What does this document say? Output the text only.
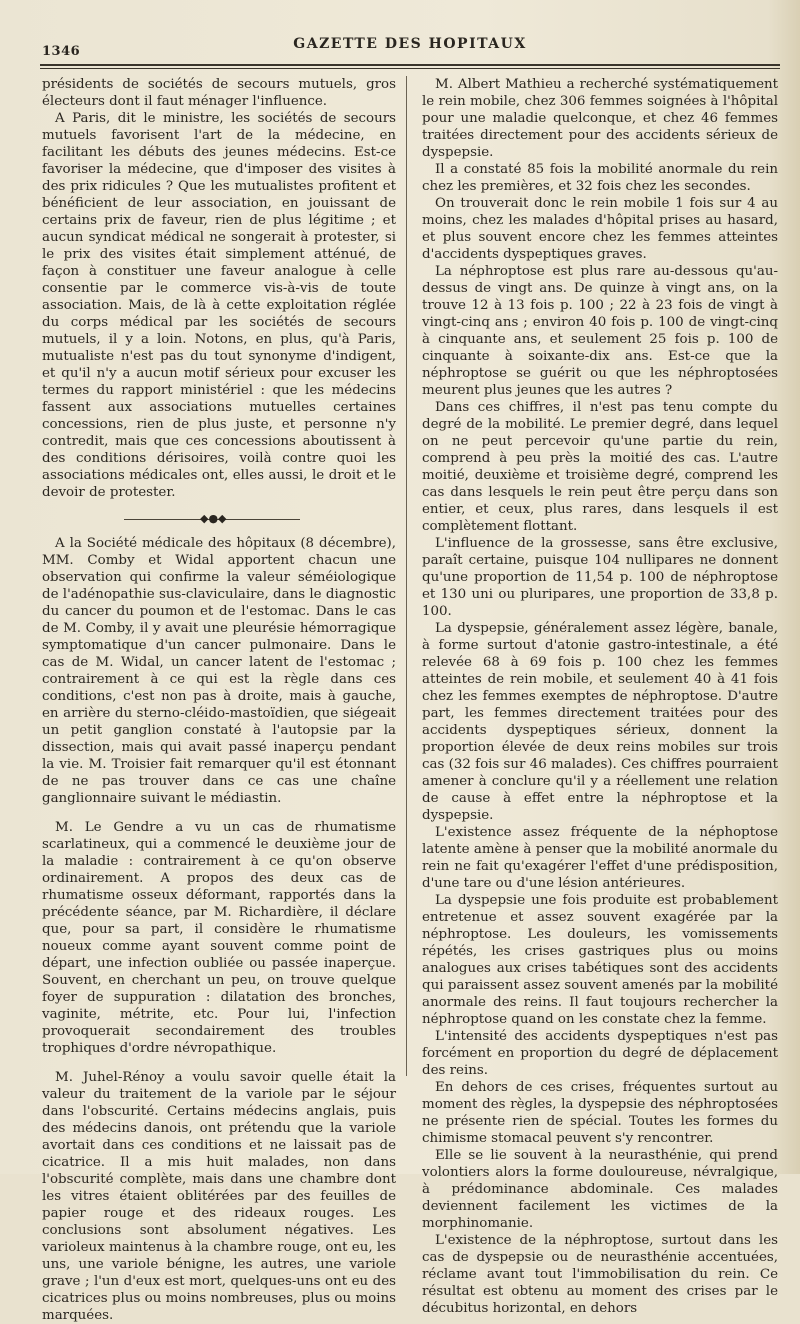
1346	GAZETTE DES HOPITAUX

présidents de sociétés de secours mutuels, gros électeurs dont il faut ménager l'influence.

A Paris, dit le ministre, les sociétés de secours mutuels favorisent l'art de la médecine, en facilitant les débuts des jeunes médecins. Est-ce favoriser la médecine, que d'imposer des visites à des prix ridicules ? Que les mutualistes profitent et bénéficient de leur association, en jouissant de certains prix de faveur, rien de plus légitime ; et aucun syndicat médical ne songerait à protester, si le prix des visites était simplement atténué, de façon à constituer une faveur analogue à celle consentie par le commerce vis-à-vis de toute association. Mais, de là à cette exploitation réglée du corps médical par les sociétés de secours mutuels, il y a loin. Notons, en plus, qu'à Paris, mutualiste n'est pas du tout synonyme d'indigent, et qu'il n'y a aucun motif sérieux pour excuser les termes du rapport ministériel : que les médecins fassent aux associations mutuelles certaines concessions, rien de plus juste, et personne n'y contredit, mais que ces concessions aboutissent à des conditions dérisoires, voilà contre quoi les associations médicales ont, elles aussi, le droit et le devoir de protester.

◆●◆

A la Société médicale des hôpitaux (8 décembre), MM. Comby et Widal apportent chacun une observation qui confirme la valeur séméiologique de l'adénopathie sus-claviculaire, dans le diagnostic du cancer du poumon et de l'estomac. Dans le cas de M. Comby, il y avait une pleurésie hémorragique symptomatique d'un cancer pulmonaire. Dans le cas de M. Widal, un cancer latent de l'estomac ; contrairement à ce qui est la règle dans ces conditions, c'est non pas à droite, mais à gauche, en arrière du sterno-cléido-mastoïdien, que siégeait un petit ganglion constaté à l'autopsie par la dissection, mais qui avait passé inaperçu pendant la vie. M. Troisier fait remarquer qu'il est étonnant de ne pas trouver dans ce cas une chaîne ganglionnaire suivant le médiastin.

M. Le Gendre a vu un cas de rhumatisme scarlatineux, qui a commencé le deuxième jour de la maladie : contrairement à ce qu'on observe ordinairement. A propos des deux cas de rhumatisme osseux déformant, rapportés dans la précédente séance, par M. Richardière, il déclare que, pour sa part, il considère le rhumatisme noueux comme ayant souvent comme point de départ, une infection oubliée ou passée inaperçue. Souvent, en cherchant un peu, on trouve quelque foyer de suppuration : dilatation des bronches, vaginite, métrite, etc. Pour lui, l'infection provoquerait secondairement des troubles trophiques d'ordre névropathique.

M. Juhel-Rénoy a voulu savoir quelle était la valeur du traitement de la variole par le séjour dans l'obscurité. Certains médecins anglais, puis des médecins danois, ont prétendu que la variole avortait dans ces conditions et ne laissait pas de cicatrice. Il a mis huit malades, non dans l'obscurité complète, mais dans une chambre dont les vitres étaient oblitérées par des feuilles de papier rouge et des rideaux rouges. Les conclusions sont absolument négatives. Les varioleux maintenus à la chambre rouge, ont eu, les uns, une variole bénigne, les autres, une variole grave ; l'un d'eux est mort, quelques-uns ont eu des cicatrices plus ou moins nombreuses, plus ou moins marquées.

M. Albert Mathieu a recherché systématiquement le rein mobile, chez 306 femmes soignées à l'hôpital pour une maladie quelconque, et chez 46 femmes traitées directement pour des accidents sérieux de dyspepsie.

Il a constaté 85 fois la mobilité anormale du rein chez les premières, et 32 fois chez les secondes.

On trouverait donc le rein mobile 1 fois sur 4 au moins, chez les malades d'hôpital prises au hasard, et plus souvent encore chez les femmes atteintes d'accidents dyspeptiques graves.

La néphroptose est plus rare au-dessous qu'au-dessus de vingt ans. De quinze à vingt ans, on la trouve 12 à 13 fois p. 100 ; 22 à 23 fois de vingt à vingt-cinq ans ; environ 40 fois p. 100 de vingt-cinq à cinquante ans, et seulement 25 fois p. 100 de cinquante à soixante-dix ans. Est-ce que la néphroptose se guérit ou que les néphroptosées meurent plus jeunes que les autres ?

Dans ces chiffres, il n'est pas tenu compte du degré de la mobilité. Le premier degré, dans lequel on ne peut percevoir qu'une partie du rein, comprend à peu près la moitié des cas. L'autre moitié, deuxième et troisième degré, comprend les cas dans lesquels le rein peut être perçu dans son entier, et ceux, plus rares, dans lesquels il est complètement flottant.

L'influence de la grossesse, sans être exclusive, paraît certaine, puisque 104 nullipares ne donnent qu'une proportion de 11,54 p. 100 de néphroptose et 130 uni ou pluripares, une proportion de 33,8 p. 100.

La dyspepsie, généralement assez légère, banale, à forme surtout d'atonie gastro-intestinale, a été relevée 68 à 69 fois p. 100 chez les femmes atteintes de rein mobile, et seulement 40 à 41 fois chez les femmes exemptes de néphroptose. D'autre part, les femmes directement traitées pour des accidents dyspeptiques sérieux, donnent la proportion élevée de deux reins mobiles sur trois cas (32 fois sur 46 malades). Ces chiffres pourraient amener à conclure qu'il y a réellement une relation de cause à effet entre la néphroptose et la dyspepsie.

L'existence assez fréquente de la néphoptose latente amène à penser que la mobilité anormale du rein ne fait qu'exagérer l'effet d'une prédisposition, d'une tare ou d'une lésion antérieures.

La dyspepsie une fois produite est probablement entretenue et assez souvent exagérée par la néphroptose. Les douleurs, les vomissements répétés, les crises gastriques plus ou moins analogues aux crises tabétiques sont des accidents qui paraissent assez souvent amenés par la mobilité anormale des reins. Il faut toujours rechercher la néphroptose quand on les constate chez la femme.

L'intensité des accidents dyspeptiques n'est pas forcément en proportion du degré de déplacement des reins.

En dehors de ces crises, fréquentes surtout au moment des règles, la dyspepsie des néphroptosées ne présente rien de spécial. Toutes les formes du chimisme stomacal peuvent s'y rencontrer.

Elle se lie souvent à la neurasthénie, qui prend volontiers alors la forme douloureuse, névralgique, à prédominance abdominale. Ces malades deviennent facilement les victimes de la morphinomanie.

L'existence de la néphroptose, surtout dans les cas de dyspepsie ou de neurasthénie accentuées, réclame avant tout l'immobilisation du rein. Ce résultat est obtenu au moment des crises par le décubitus horizontal, en dehors
